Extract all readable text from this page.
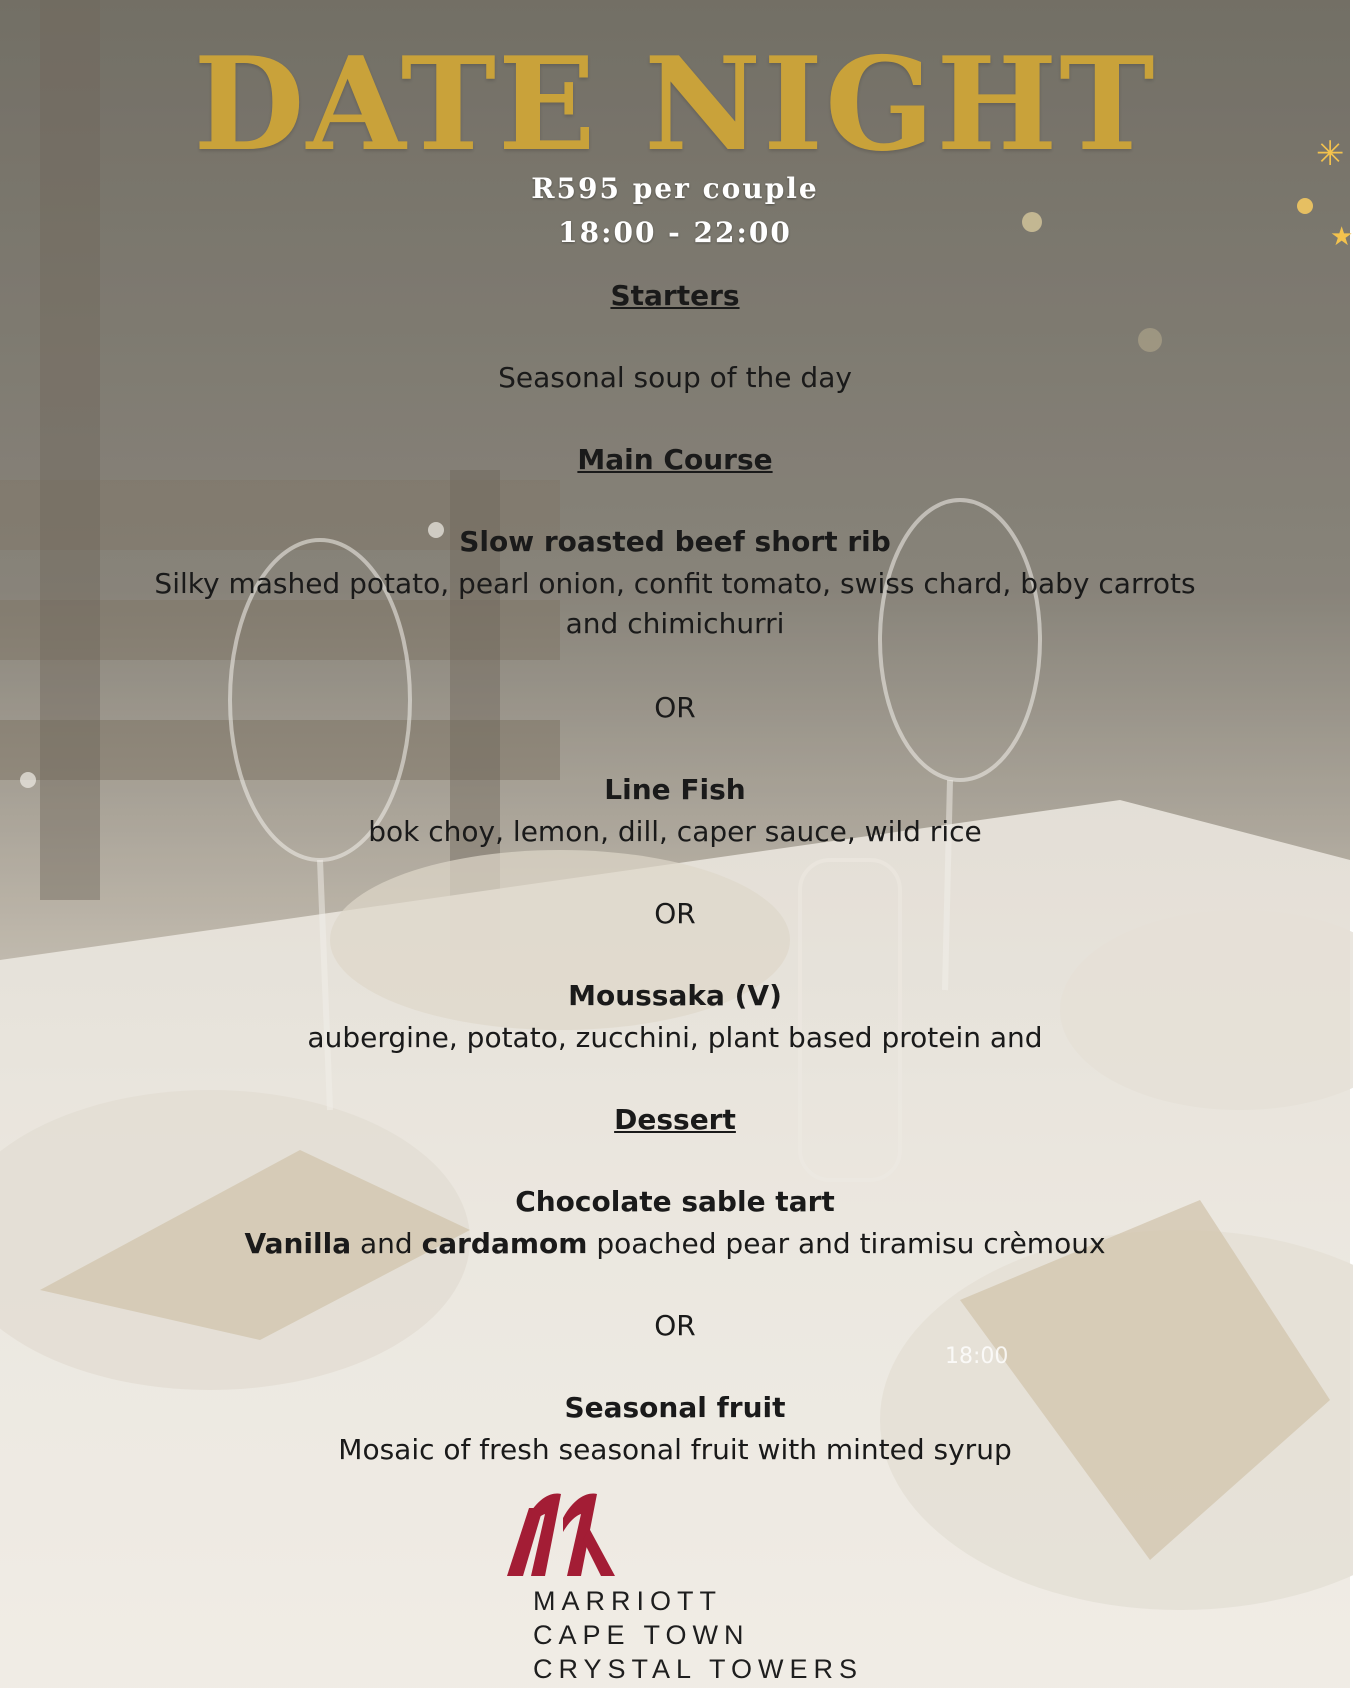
✳
★
DATE NIGHT
R595 per couple
18:00 - 22:00
Starters
Seasonal soup of the day
Main Course
Slow roasted beef short rib
Silky mashed potato, pearl onion, confit tomato, swiss chard, baby carrots and chimichurri
OR
Line Fish
bok choy, lemon, dill, caper sauce, wild rice
OR
Moussaka (V)
aubergine, potato, zucchini, plant based protein and
Dessert
Chocolate sable tart
Vanilla and cardamom poached pear and tiramisu crèmoux
OR
Seasonal fruit
Mosaic of fresh seasonal fruit with minted syrup
18:00
MARRIOTT
CAPE TOWN
CRYSTAL TOWERS
